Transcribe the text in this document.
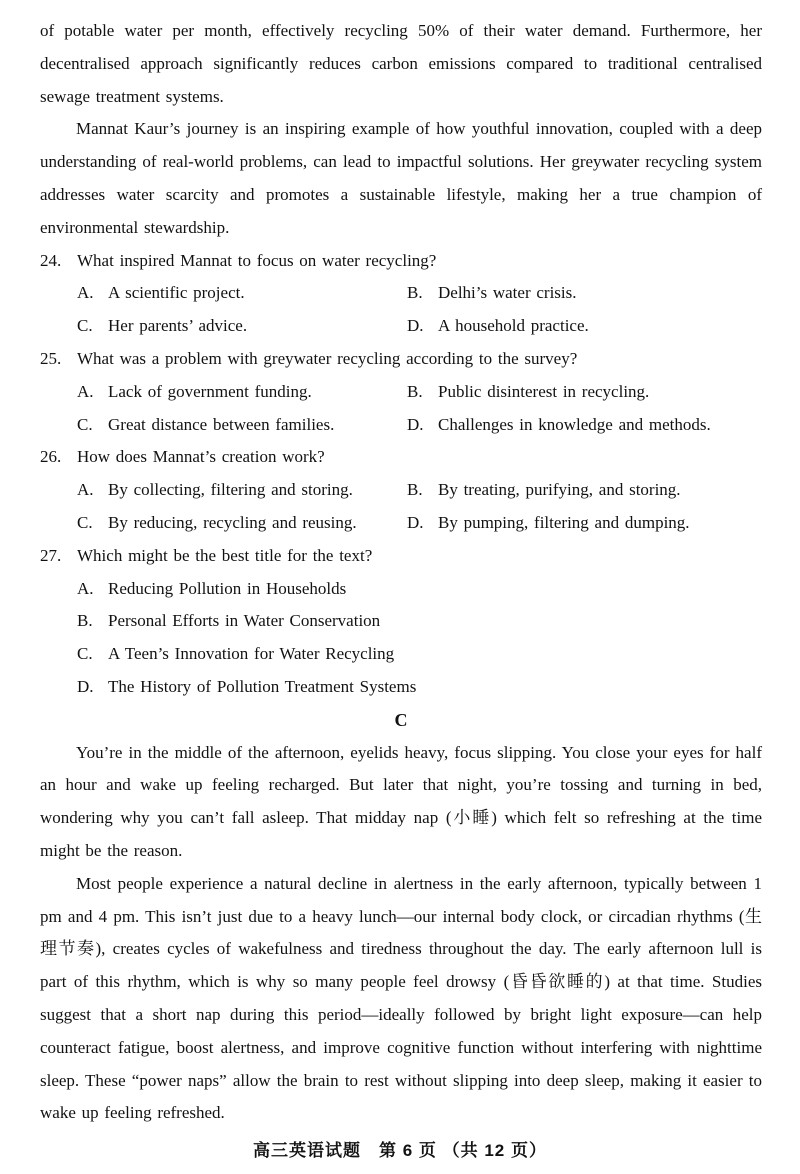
of potable water per month, effectively recycling 50% of their water demand. Furthermore, her decentralised approach significantly reduces carbon emissions compared to traditional centralised sewage treatment systems.
Mannat Kaur’s journey is an inspiring example of how youthful innovation, coupled with a deep understanding of real-world problems, can lead to impactful solutions. Her greywater recycling system addresses water scarcity and promotes a sustainable lifestyle, making her a true champion of environmental stewardship.
24. What inspired Mannat to focus on water recycling?
A. A scientific project.	B. Delhi’s water crisis.
C. Her parents’ advice.	D. A household practice.
25. What was a problem with greywater recycling according to the survey?
A. Lack of government funding.	B. Public disinterest in recycling.
C. Great distance between families.	D. Challenges in knowledge and methods.
26. How does Mannat’s creation work?
A. By collecting, filtering and storing.	B. By treating, purifying, and storing.
C. By reducing, recycling and reusing.	D. By pumping, filtering and dumping.
27. Which might be the best title for the text?
A. Reducing Pollution in Households
B. Personal Efforts in Water Conservation
C. A Teen’s Innovation for Water Recycling
D. The History of Pollution Treatment Systems
C
You’re in the middle of the afternoon, eyelids heavy, focus slipping. You close your eyes for half an hour and wake up feeling recharged. But later that night, you’re tossing and turning in bed, wondering why you can’t fall asleep. That midday nap (小睡) which felt so refreshing at the time might be the reason.
Most people experience a natural decline in alertness in the early afternoon, typically between 1 pm and 4 pm. This isn’t just due to a heavy lunch—our internal body clock, or circadian rhythms (生理节奏), creates cycles of wakefulness and tiredness throughout the day. The early afternoon lull is part of this rhythm, which is why so many people feel drowsy (昏昏欲睡的) at that time. Studies suggest that a short nap during this period—ideally followed by bright light exposure—can help counteract fatigue, boost alertness, and improve cognitive function without interfering with nighttime sleep. These “power naps” allow the brain to rest without slipping into deep sleep, making it easier to wake up feeling refreshed.
高三英语试题　第 6 页 （共 12 页）
